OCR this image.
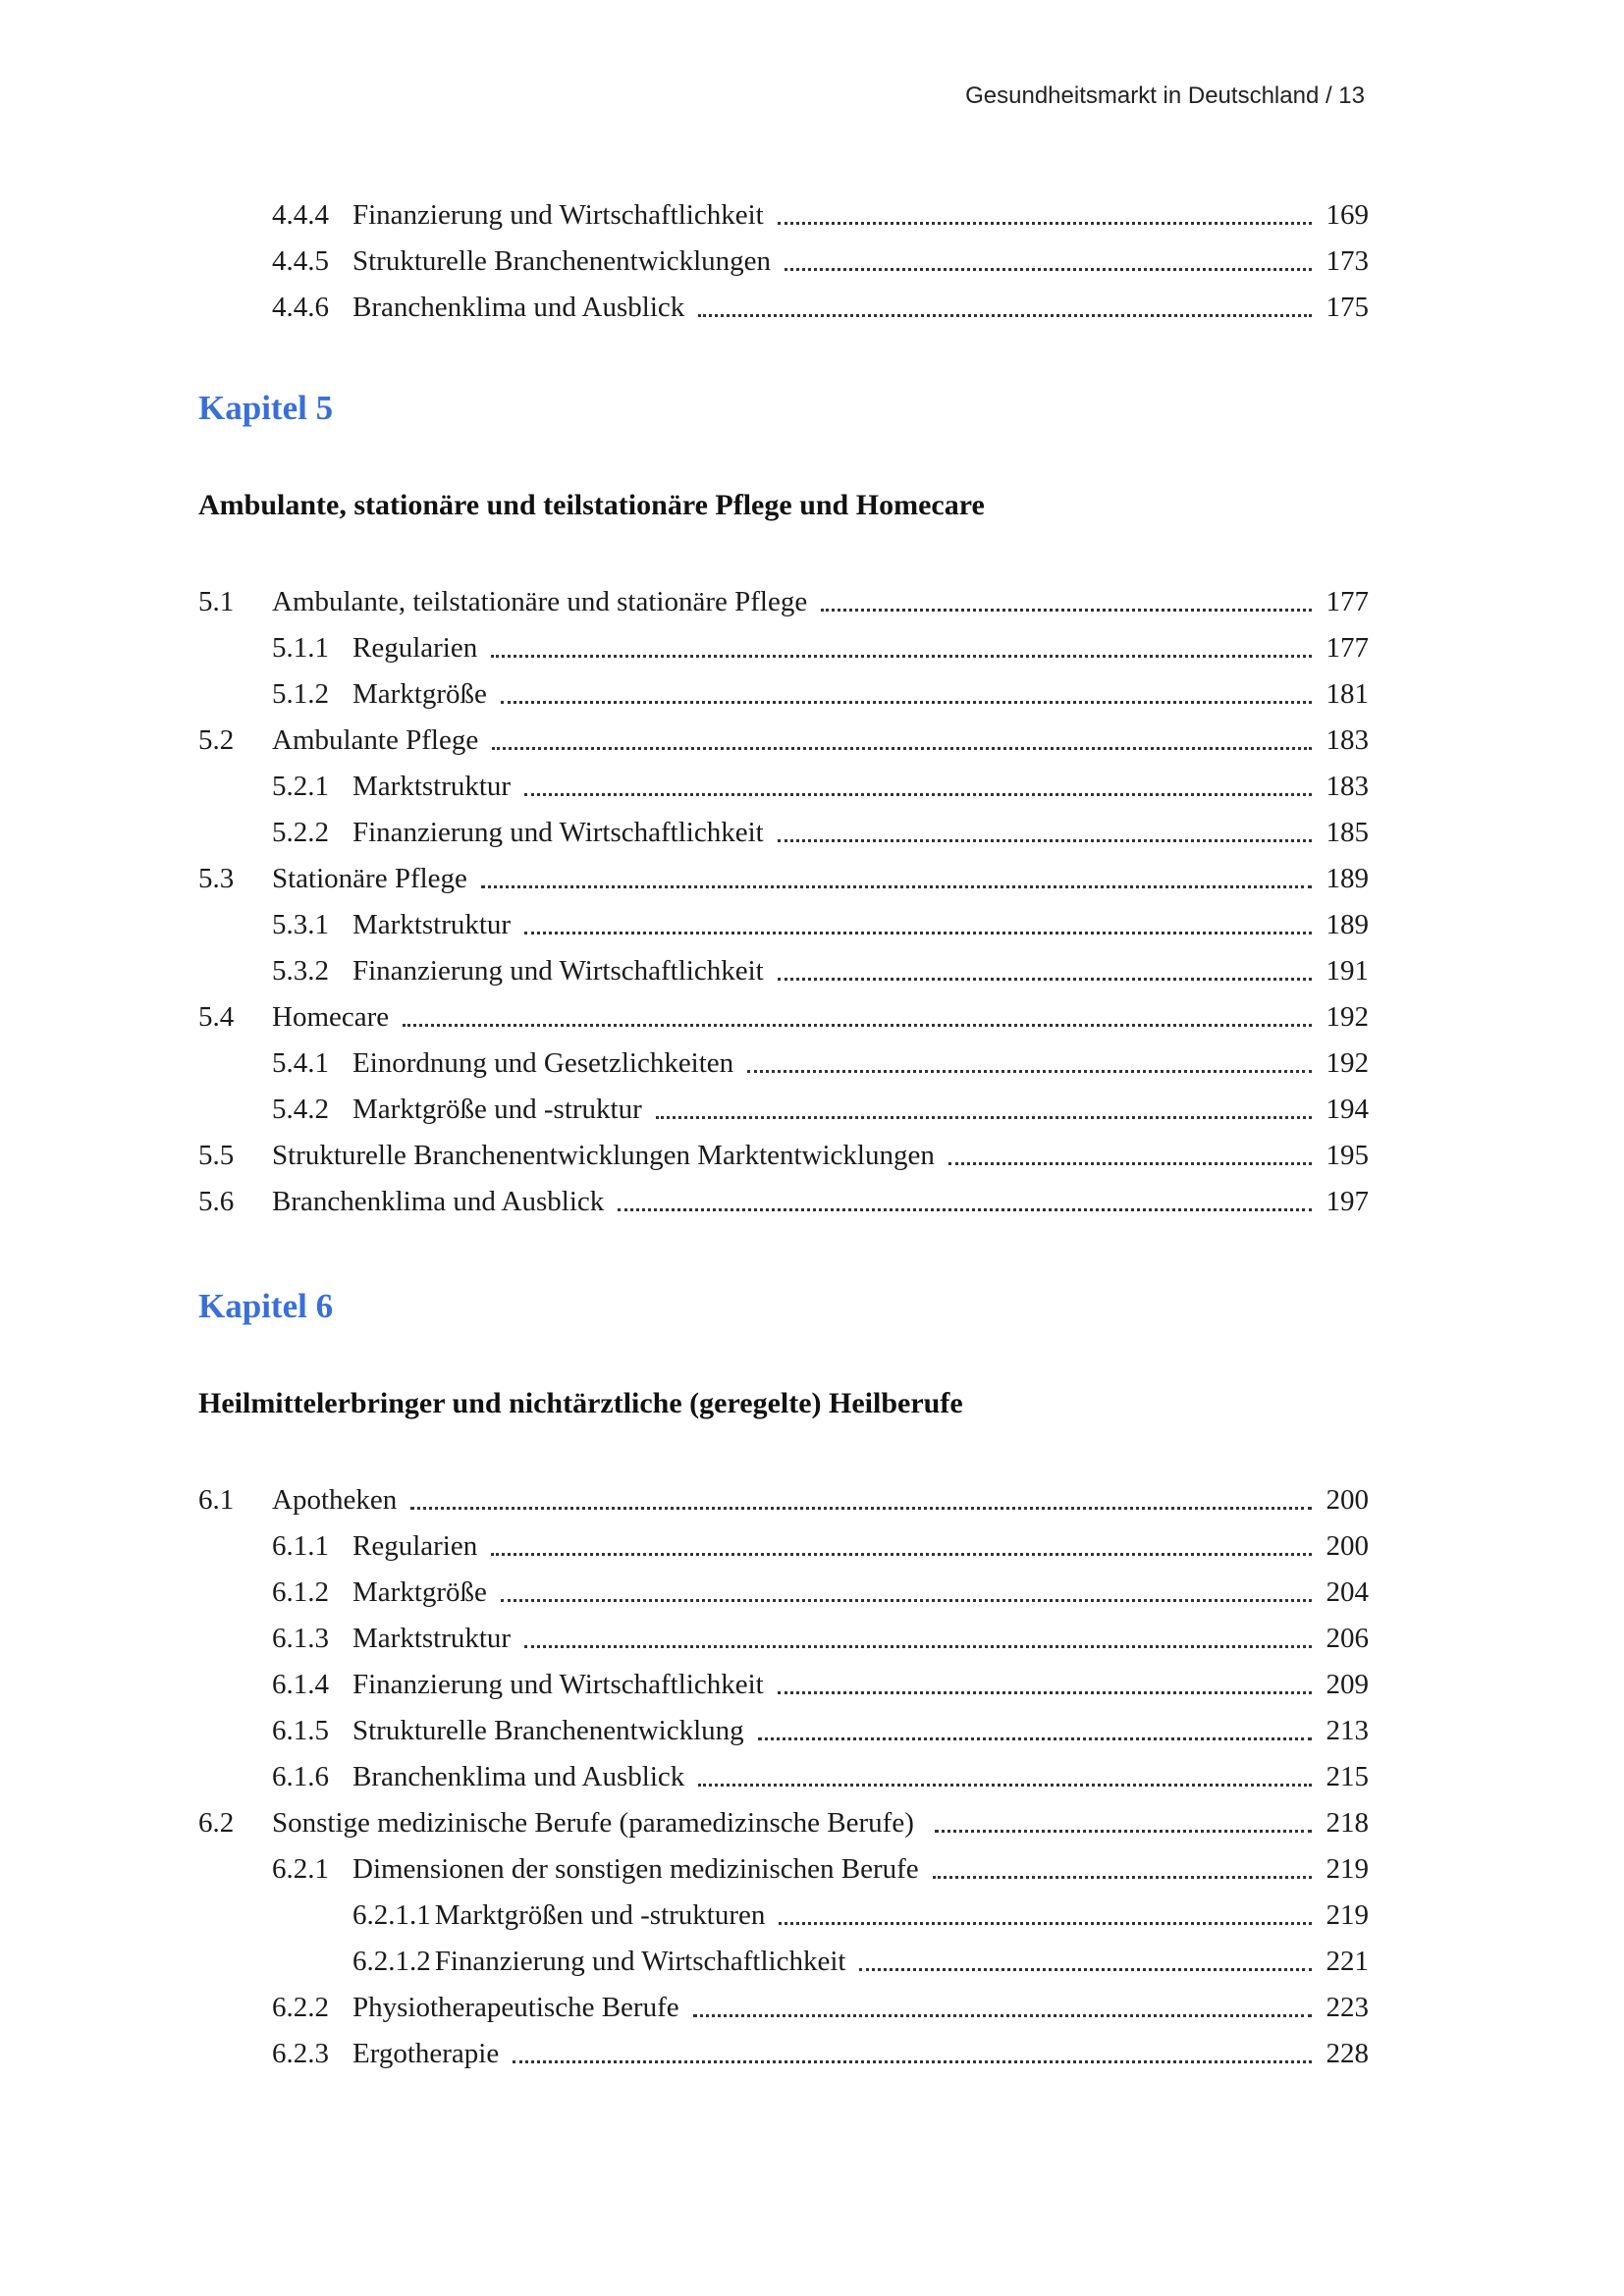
Gesundheitsmarkt in Deutschland / 13
4.4.4 Finanzierung und Wirtschaftlichkeit	169
4.4.5 Strukturelle Branchenentwicklungen	173
4.4.6 Branchenklima und Ausblick	175
Kapitel 5
Ambulante, stationäre und teilstationäre Pflege und Homecare
5.1 Ambulante, teilstationäre und stationäre Pflege	177
5.1.1 Regularien	177
5.1.2 Marktgröße	181
5.2 Ambulante Pflege	183
5.2.1 Marktstruktur	183
5.2.2 Finanzierung und Wirtschaftlichkeit	185
5.3 Stationäre Pflege	189
5.3.1 Marktstruktur	189
5.3.2 Finanzierung und Wirtschaftlichkeit	191
5.4 Homecare	192
5.4.1 Einordnung und Gesetzlichkeiten	192
5.4.2 Marktgröße und -struktur	194
5.5 Strukturelle Branchenentwicklungen Marktentwicklungen	195
5.6 Branchenklima und Ausblick	197
Kapitel 6
Heilmittelerbringer und nichtärztliche (geregelte) Heilberufe
6.1 Apotheken	200
6.1.1 Regularien	200
6.1.2 Marktgröße	204
6.1.3 Marktstruktur	206
6.1.4 Finanzierung und Wirtschaftlichkeit	209
6.1.5 Strukturelle Branchenentwicklung	213
6.1.6 Branchenklima und Ausblick	215
6.2 Sonstige medizinische Berufe (paramedizinsche Berufe)	218
6.2.1 Dimensionen der sonstigen medizinischen Berufe	219
6.2.1.1 Marktgrößen und -strukturen	219
6.2.1.2 Finanzierung und Wirtschaftlichkeit	221
6.2.2 Physiotherapeutische Berufe	223
6.2.3 Ergotherapie	228
